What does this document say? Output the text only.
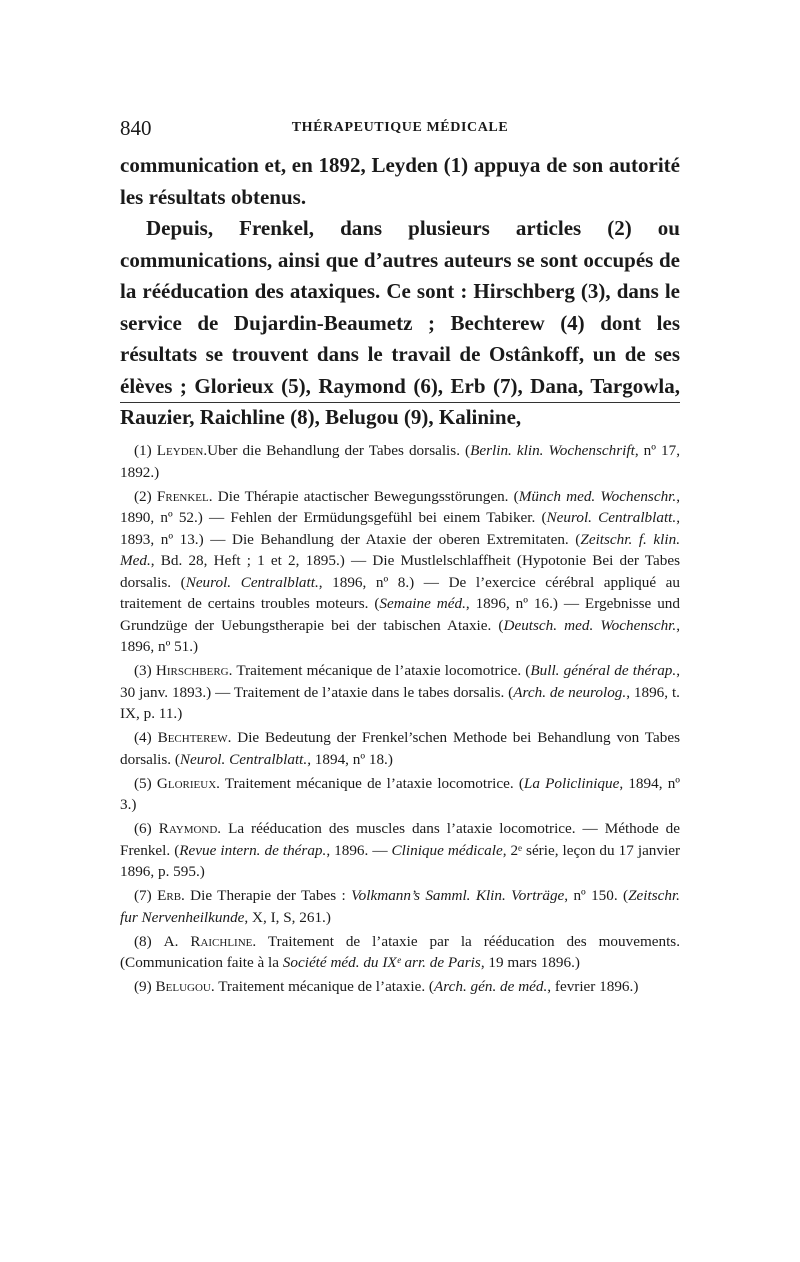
840	THÉRAPEUTIQUE MÉDICALE

communication et, en 1892, Leyden (1) appuya de son autorité les résultats obtenus.

Depuis, Frenkel, dans plusieurs articles (2) ou communications, ainsi que d’autres auteurs se sont occupés de la rééducation des ataxiques. Ce sont : Hirschberg (3), dans le service de Dujardin-Beaumetz ; Bechterew (4) dont les résultats se trouvent dans le travail de Ostânkoff, un de ses élèves ; Glorieux (5), Raymond (6), Erb (7), Dana, Targowla, Rauzier, Raichline (8), Belugou (9), Kalinine,

(1) Leyden.Uber die Behandlung der Tabes dorsalis. (Berlin. klin. Wochenschrift, nº 17, 1892.)

(2) Frenkel. Die Thérapie atactischer Bewegungsstörungen. (Münch med. Wochenschr., 1890, nº 52.) — Fehlen der Ermüdungsgefühl bei einem Tabiker. (Neurol. Centralblatt., 1893, nº 13.) — Die Behandlung der Ataxie der oberen Extremitaten. (Zeitschr. f. klin. Med., Bd. 28, Heft ; 1 et 2, 1895.) — Die Mustlelschlaffheit (Hypotonie Bei der Tabes dorsalis. (Neurol. Centralblatt., 1896, nº 8.) — De l’exercice cérébral appliqué au traitement de certains troubles moteurs. (Semaine méd., 1896, nº 16.) — Ergebnisse und Grundzüge der Uebungstherapie bei der tabischen Ataxie. (Deutsch. med. Wochenschr., 1896, nº 51.)

(3) Hirschberg. Traitement mécanique de l’ataxie locomotrice. (Bull. général de thérap., 30 janv. 1893.) — Traitement de l’ataxie dans le tabes dorsalis. (Arch. de neurolog., 1896, t. IX, p. 11.)

(4) Bechterew. Die Bedeutung der Frenkel’schen Methode bei Behandlung von Tabes dorsalis. (Neurol. Centralblatt., 1894, nº 18.)

(5) Glorieux. Traitement mécanique de l’ataxie locomotrice. (La Policlinique, 1894, nº 3.)

(6) Raymond. La rééducation des muscles dans l’ataxie locomotrice. — Méthode de Frenkel. (Revue intern. de thérap., 1896. — Clinique médicale, 2ᵉ série, leçon du 17 janvier 1896, p. 595.)

(7) Erb. Die Therapie der Tabes : Volkmann’s Samml. Klin. Vorträge, nº 150. (Zeitschr. fur Nervenheilkunde, X, I, S, 261.)

(8) A. Raichline. Traitement de l’ataxie par la rééducation des mouvements. (Communication faite à la Société méd. du IXᵉ arr. de Paris, 19 mars 1896.)

(9) Belugou. Traitement mécanique de l’ataxie. (Arch. gén. de méd., fevrier 1896.)
